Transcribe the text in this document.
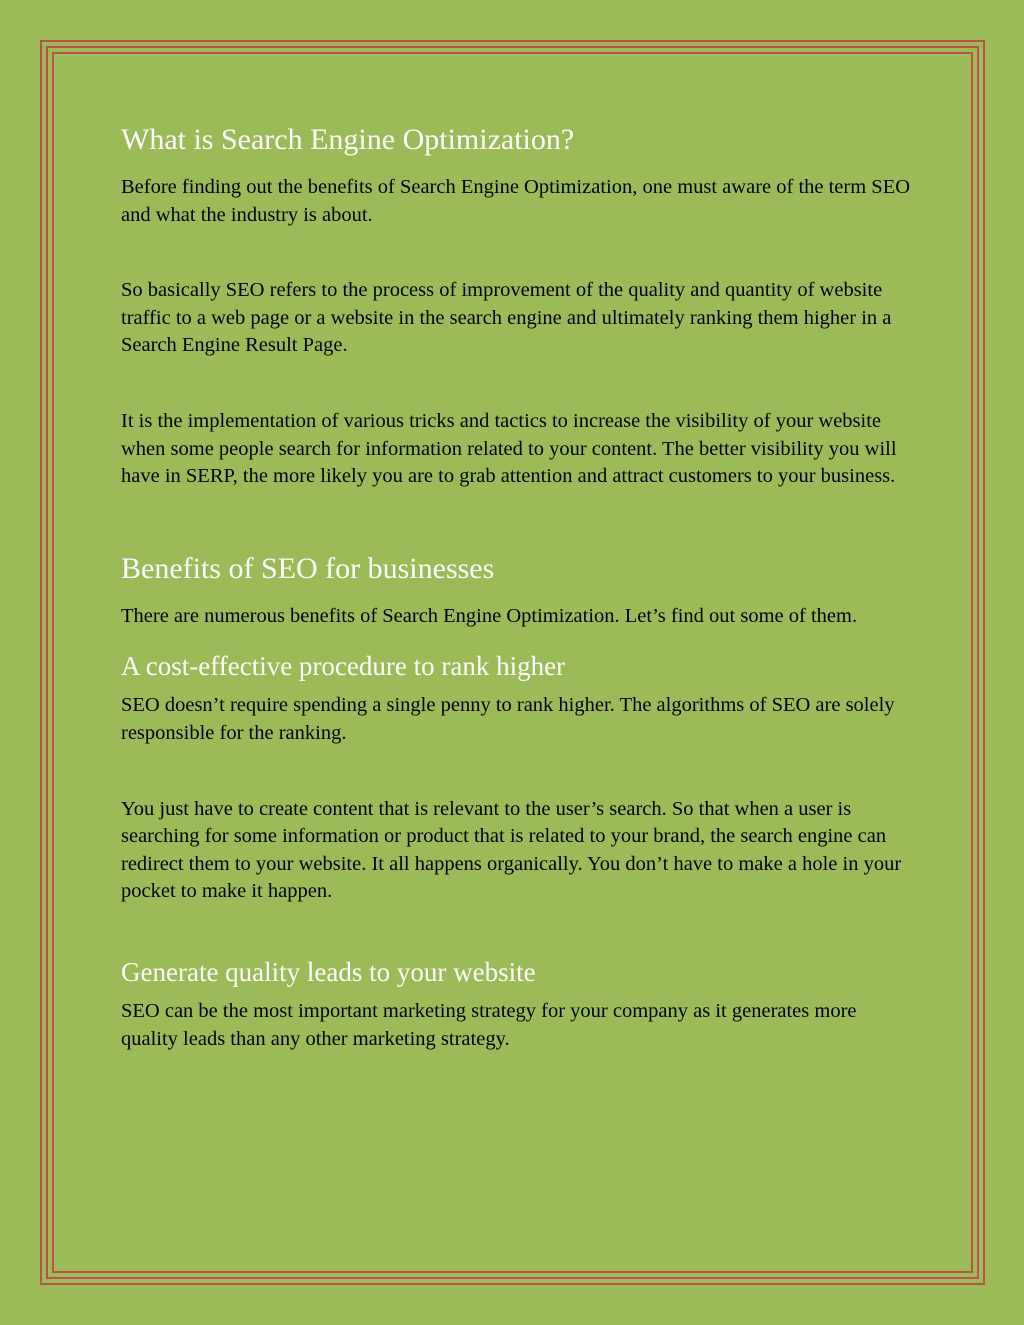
What is Search Engine Optimization?

Before finding out the benefits of Search Engine Optimization, one must aware of the term SEO and what the industry is about.

So basically SEO refers to the process of improvement of the quality and quantity of website traffic to a web page or a website in the search engine and ultimately ranking them higher in a Search Engine Result Page.

It is the implementation of various tricks and tactics to increase the visibility of your website when some people search for information related to your content. The better visibility you will have in SERP, the more likely you are to grab attention and attract customers to your business.

Benefits of SEO for businesses

There are numerous benefits of Search Engine Optimization. Let’s find out some of them.

A cost-effective procedure to rank higher

SEO doesn’t require spending a single penny to rank higher. The algorithms of SEO are solely responsible for the ranking.

You just have to create content that is relevant to the user’s search. So that when a user is searching for some information or product that is related to your brand, the search engine can redirect them to your website. It all happens organically. You don’t have to make a hole in your pocket to make it happen.

Generate quality leads to your website

SEO can be the most important marketing strategy for your company as it generates more quality leads than any other marketing strategy.
